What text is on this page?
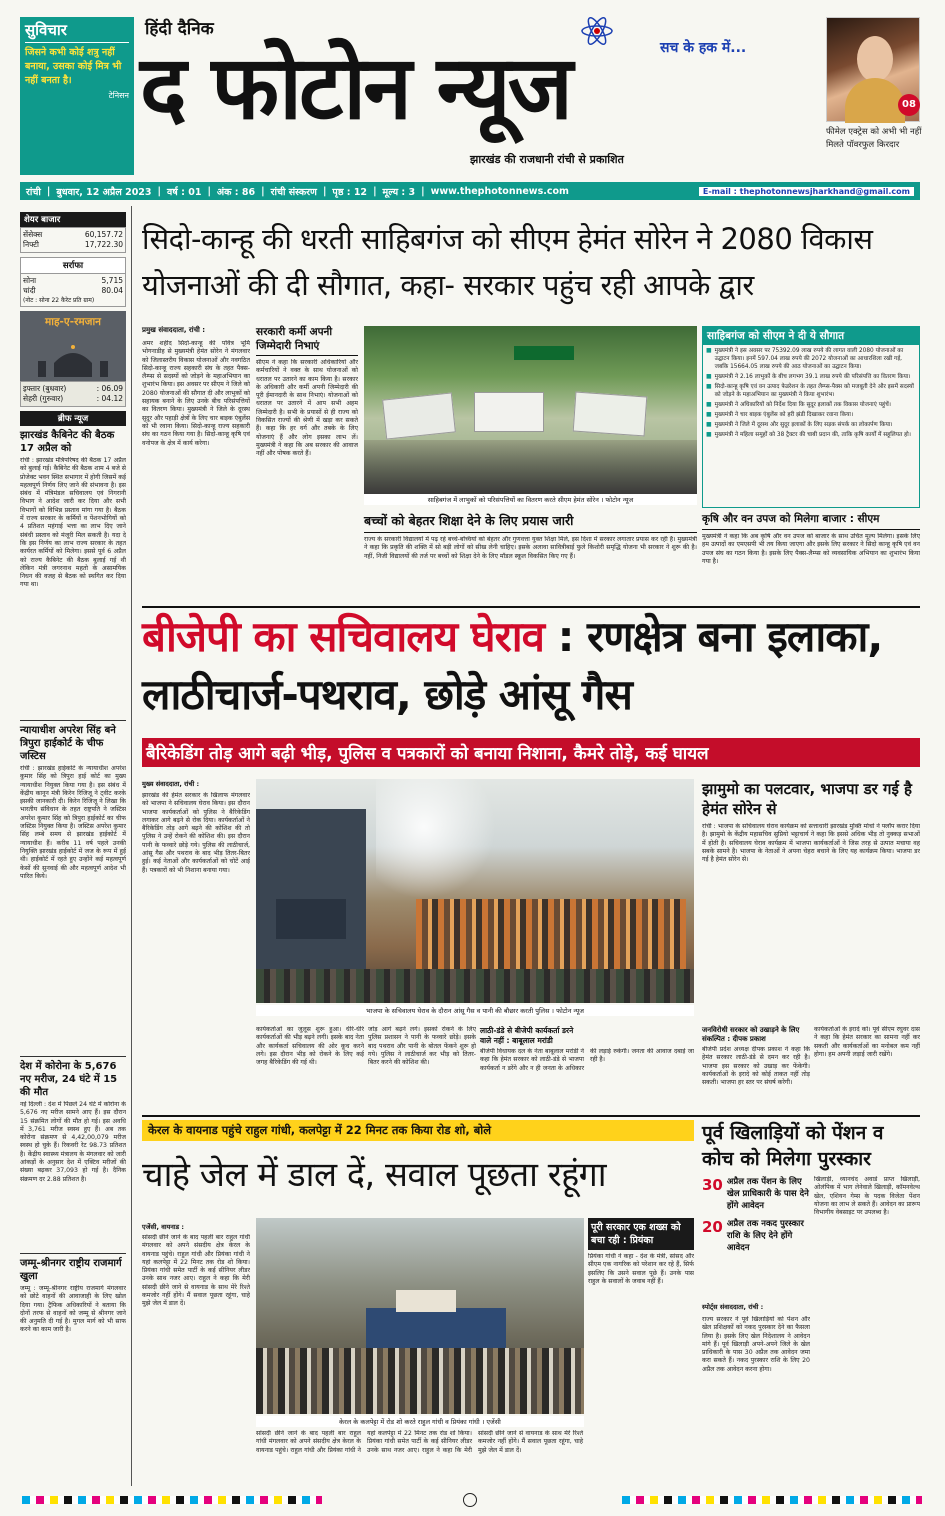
सुविचार
जिसने कभी कोई शत्रु नहीं बनाया, उसका कोई मित्र भी नहीं बनता है।
टेनिसन
हिंदी दैनिक
द फोटोन न्यूज	सच के हक में...
झारखंड की राजधानी रांची से प्रकाशित
08
फीमेल एक्ट्रेस को अभी भी नहीं मिलते पॉवरफुल किरदार
रांची | बुधवार, 12 अप्रैल 2023 | वर्ष : 01 | अंक : 86 | रांची संस्करण | पृष्ठ : 12 | मूल्य : 3 | www.thephotonnews.com	E-mail : thephotonnewsjharkhand@gmail.com
शेयर बाजार
सेंसेक्स	60,157.72
निफ्टी	17,722.30
सर्राफा
सोना	5,715
चांदी	80.04
(नोट : सोना 22 कैरेट प्रति ग्राम)
माह-ए-रमजान
इफ्तार (बुधवार)	: 06.09
सेहरी (गुरुवार)	: 04.12
ब्रीफ न्यूज
झारखंड कैबिनेट की बैठक 17 अप्रैल को
रांची : झारखंड मंत्रिपरिषद की बैठक 17 अप्रैल को बुलाई गई। कैबिनेट की बैठक शाम 4 बजे से प्रोजेक्ट भवन स्थित सभागार में होगी जिसमें कई महत्वपूर्ण निर्णय लिए जाने की संभावना है। इस संबंध में मंत्रिमंडल सचिवालय एवं निगरानी विभाग ने आदेश जारी कर दिया और सभी विभागों को विभिन्न प्रस्ताव मांगा गया है। बैठक में राज्य सरकार के कर्मियों व पेंशनभोगियों को 4 प्रतिशत महंगाई भत्ता का लाभ दिए जाने संबंधी प्रस्ताव को मंजूरी मिल सकती है। यदा दे कि इस निर्णय का लाभ राज्य सरकार के तहत कार्यरत कर्मियों को मिलेगा। इससे पूर्व 6 अप्रैल को राज्य कैबिनेट की बैठक बुलाई गई थी लेकिन मंत्री जगरनाथ महतो के असामयिक निधन की वजह से बैठक को स्थगित कर दिया गया था।
न्यायाधीश अपरेश सिंह बने त्रिपुरा हाईकोर्ट के चीफ जस्टिस
रांची : झारखंड हाईकोर्ट के न्यायाधीश अपरेश कुमार सिंह को त्रिपुरा हाई कोर्ट का मुख्य न्यायाधीश नियुक्त किया गया है। इस संबंध में केंद्रीय कानून मंत्री किरेन रिजिजू ने ट्वीट करके इसकी जानकारी दी। किरेन रिजिजू ने लिखा कि भारतीय संविधान के तहत राष्ट्रपति ने जस्टिस अपरेश कुमार सिंह को त्रिपुरा हाईकोर्ट का चीफ जस्टिस नियुक्त किया है। जस्टिस अपरेश कुमार सिंह लम्बे समय से झारखंड हाईकोर्ट में न्यायाधीश हैं। करीब 11 वर्ष पहले उनकी नियुक्ति झारखंड हाईकोर्ट में जज के रूप में हुई थी। हाईकोर्ट में रहते हुए उन्होंने कई महत्वपूर्ण केसों की सुनवाई की और महत्वपूर्ण आदेश भी पारित किये।
देश में कोरोना के 5,676 नए मरीज, 24 घंटे में 15 की मौत
नई दिल्ली : देश में पिछले 24 घंटे में कोरोना के 5,676 नए मरीज सामने आए हैं। इस दौरान 15 संक्रमित लोगों की मौत हो गई। इस अवधि में 3,761 मरीज स्वस्थ हुए हैं। अब तक कोरोना संक्रमण से 4,42,00,079 मरीज स्वस्थ हो चुके हैं। रिकवरी रेट 98.73 प्रतिशत है। केंद्रीय स्वास्थ्य मंत्रालय के मंगलवार को जारी आंकड़ों के अनुसार देश में एक्टिव मरीजों की संख्या बढ़कर 37,093 हो गई है। दैनिक संक्रमण दर 2.88 प्रतिशत है।
जम्मू-श्रीनगर राष्ट्रीय राजमार्ग खुला
जम्मू : जम्मू-श्रीनगर राष्ट्रीय राजमार्ग मंगलवार को छोटे वाहनों की आवाजाही के लिए खोल दिया गया। ट्रैफिक अधिकारियों ने बताया कि दोनों तरफ से वाहनों को जम्मू से श्रीनगर जाने की अनुमति दी गई है। मुगल मार्ग को भी साफ करने का काम जारी है।
सिदो-कान्हू की धरती साहिबगंज को सीएम हेमंत सोरेन ने 2080 विकास योजनाओं की दी सौगात, कहा- सरकार पहुंच रही आपके द्वार
प्रमुख संवाददाता, रांची :
अमर शहीद सिदो-कान्हू की पवित्र भूमि भोगनाडीह से मुख्यमंत्री हेमंत सोरेन ने मंगलवार को जिलास्तरीय विकास योजनाओं और नवगठित सिदो-कान्हू राज्य सहकारी संघ के तहत पैक्स-लैम्प्स से सदस्यों को जोड़ने के महाअभियान का शुभारंभ किया। इस अवसर पर सीएम ने जिले को 2080 योजनाओं की सौगात दी और लाभुकों को सहायक बनाने के लिए उनके बीच परिसंपत्तियों का वितरण किया। मुख्यमंत्री ने जिले के दूरस्थ सुदूर और पहाड़ी क्षेत्रों के लिए चार बाइक एंबुलेंस को भी रवाना किया। सिदो-कान्हू राज्य सहकारी संघ का गठन किया गया है। सिदो-कान्हू कृषि एवं वनोपज के क्षेत्र में कार्य करेगा।
सरकारी कर्मी अपनी जिम्मेदारी निभाएं
सीएम ने कहा कि सरकारी अधिकारियों और कर्मचारियों ने वक्त के साथ योजनाओं को धरातल पर उतारने का काम किया है। सरकार के अधिकारी और कर्मी अपनी जिम्मेदारी की पूरी ईमानदारी के साथ निभाएं। योजनाओं को धरातल पर उतारने में आप सभी अहम जिम्मेदारी है। सभी के प्रयासों से ही राज्य को विकसित राज्यों की श्रेणी में खड़ा कर सकते हैं। कहा कि हर वर्ग और तबके के लिए योजनाएं हैं और लोग इसका लाभ लें। मुख्यमंत्री ने कहा कि अब सरकार की आवाज नहीं और पोषक करते हैं।
साहिबगंज में लाभुकों को परिसंपत्तियों का वितरण करते सीएम हेमंत सोरेन । फोटोन न्यूज
साहिबगंज को सीएम ने दी ये सौगात
■ मुख्यमंत्री ने इस अवसर पर 75392.09 लाख रुपये की लागत वाली 2080 योजनाओं का उद्घाटन किया। इनमें 597.04 लाख रुपये की 2072 योजनाओं का आधारशिला रखी गई, जबकि 15664.05 लाख रुपये की आठ योजनाओं का उद्घाटन किया।
■ मुख्यमंत्री ने 2.16 लाभुकों के बीच लगभग 39.1 लाख रुपये की परिसंपत्ति का वितरण किया।
■ सिदो-कान्हू कृषि एवं वन उत्पाद फेडरेशन के तहत लैम्प्स-पैक्स को मजबूती देने और इसमें सदस्यों को जोड़ने के महाअभियान का मुख्यमंत्री ने किया शुभारंभ।
■ मुख्यमंत्री ने अधिकारियों को निर्देश दिया कि सुदूर इलाकों तक विकास योजनाएं पहुंचें।
■ मुख्यमंत्री ने चार बाइक एंबुलेंस को हरी झंडी दिखाकर रवाना किया।
■ मुख्यमंत्री ने जिले में दूरस्थ और सुदूर इलाकों के लिए सड़क संपर्क का लोकार्पण किया।
■ मुख्यमंत्री ने महिला समूहों को 38 ट्रैक्टर की चाबी प्रदान की, ताकि कृषि कार्यों में सहूलियत हो।
बच्चों को बेहतर शिक्षा देने के लिए प्रयास जारी
राज्य के सरकारी विद्यालयों में पढ़ रहे बच्चे-बच्चियों को बेहतर और गुणवत्ता युक्त शिक्षा मिले, इस दिशा में सरकार लगातार प्रयास कर रही है। मुख्यमंत्री ने कहा कि प्रकृति की शक्ति में सो बड़ी लोगों को सीख लेनी चाहिए। इसके अलावा सावित्रीबाई फुले किशोरी समृद्धि योजना भी सरकार ने शुरू की है। नहीं, निजी विद्यालयों की तर्ज पर बच्चों को शिक्षा देने के लिए मॉडल स्कूल विकसित किए गए हैं।
कृषि और वन उपज को मिलेगा बाजार : सीएम
मुख्यमंत्री ने कहा कि अब कृषि और वन उपज को बाजार के साथ उचित मूल्य मिलेगा। इसके लिए हम उत्पादों का एमएसपी भी तय किया जाएगा और इसके लिए सरकार ने सिदो कान्हू कृषि एवं वन उपज संघ का गठन किया है। इसके लिए पैक्स-लैम्प्स को व्यवसायिक अभियान का शुभारंभ किया गया है।
बीजेपी का सचिवालय घेराव : रणक्षेत्र बना इलाका, लाठीचार्ज-पथराव, छोड़े आंसू गैस
बैरिकेडिंग तोड़ आगे बढ़ी भीड़, पुलिस व पत्रकारों को बनाया निशाना, कैमरे तोड़े, कई घायल
मुख्य संवाददाता, रांची :
झारखंड की हेमंत सरकार के खिलाफ मंगलवार को भाजपा ने सचिवालय घेराव किया। इस दौरान भाजपा कार्यकर्ताओं को पुलिस ने बैरिकेडिंग लगाकर आगे बढ़ने से रोक दिया। कार्यकर्ताओं ने बैरिकेडिंग तोड़ आगे बढ़ने की कोशिश की तो पुलिस ने उन्हें रोकने की कोशिश की। इस दौरान पानी के फव्वारे छोड़े गये। पुलिस की लाठीचार्ज, आंसू गैस और पथराव के बाद भीड़ तितर-बितर हुई। कई नेताओं और कार्यकर्ताओं को चोटें आई हैं। पत्रकारों को भी निशाना बनाया गया।
भाजपा के सचिवालय घेराव के दौरान आंसू गैस व पानी की बौछार करती पुलिस । फोटोन न्यूज
कार्यकर्ताओं का जुलूस शुरू हुआ। धीरे-धीरे कार्यकर्ताओं की भीड़ बढ़ने लगी। इसके बाद नेता और कार्यकर्ता सचिवालय की ओर कूच करने लगे। इस दौरान भीड़ को रोकने के लिए कई जगह बैरिकेडिंग की गई थी।
जोड़ आगे बढ़ने लगे। इसको रोकने के लिए पुलिस प्रशासन ने पानी के फव्वारे छोड़े। इसके बाद पथराव और पानी के बोतल फेंकने शुरू हो गये। पुलिस ने लाठीचार्ज कर भीड़ को तितर-बितर करने की कोशिश की।
लाठी-डंडे से बीजेपी कार्यकर्ता डरने वाले नहीं : बाबूलाल मरांडी
बीजेपी विधायक दल के नेता बाबूलाल मरांडी ने कहा कि हेमंत सरकार को लाठी-डंडे से भाजपा कार्यकर्ता न डरेंगे और न ही जनता के अधिकार की लड़ाई रुकेगी। जनता की आवाज दबाई जा रही है।
झामुमो का पलटवार, भाजपा डर गई है हेमंत सोरेन से
रांची : भाजपा के सचिवालय घेराव कार्यक्रम को सत्ताधारी झारखंड मुक्ति मोर्चा ने फ्लॉप करार दिया है। झामुमो के केंद्रीय महासचिव सुप्रियो भट्टाचार्य ने कहा कि इससे अधिक भीड़ तो नुक्कड़ सभाओं में होती है। सचिवालय घेराव कार्यक्रम में भाजपा कार्यकर्ताओं ने जिस तरह से उत्पात मचाया वह सबके सामने है। भाजपा के नेताओं ने अपना चेहरा बचाने के लिए यह कार्यक्रम किया। भाजपा डर गई है हेमंत सोरेन से।
जनविरोधी सरकार को उखाड़ने के लिए संकल्पित : दीपक प्रकाश
बीजेपी प्रदेश अध्यक्ष दीपक प्रकाश ने कहा कि हेमंत सरकार लाठी-डंडे से दमन कर रही है। भाजपा इस सरकार को उखाड़ कर फेंकेगी। कार्यकर्ताओं के इरादे को कोई ताकत नहीं तोड़ सकती। भाजपा हर स्तर पर संघर्ष करेगी।
कार्यकर्ताओं के इरादे को। पूर्व सीएम रघुवर दास ने कहा कि हेमंत सरकार का सामना नहीं कर सकती और कार्यकर्ताओं का मनोबल कम नहीं होगा। हम अपनी लड़ाई जारी रखेंगे।
केरल के वायनाड पहुंचे राहुल गांधी, कलपेट्टा में 22 मिनट तक किया रोड शो, बोले
चाहे जेल में डाल दें, सवाल पूछता रहूंगा
एजेंसी, वायनाड :
केरल के कलपेट्टा में रोड शो करते राहुल गांधी व प्रियंका गांधी । एजेंसी
सांसदी छीने जाने के बाद पहली बार राहुल गांधी मंगलवार को अपने संसदीय क्षेत्र केरल के वायनाड पहुंचे। राहुल गांधी और प्रियंका गांधी ने यहां कलपेट्टा में 22 मिनट तक रोड शो किया। प्रियंका गांधी समेत पार्टी के कई सीनियर लीडर उनके साथ नजर आए। राहुल ने कहा कि मेरी सांसदी छीने जाने से वायनाड के साथ मेरे रिश्ते कमजोर नहीं होंगे। मैं सवाल पूछता रहूंगा, चाहे मुझे जेल में डाल दें।
पूरी सरकार एक शख्स को बचा रही : प्रियंका
प्रियंका गांधी ने कहा - देश के मंत्री, सांसद और सीएम एक नागरिक को परेशान कर रहे हैं, सिर्फ इसलिए कि उसने सवाल पूछे हैं। उनके पास राहुल के सवालों के जवाब नहीं हैं।
सांसदी छीने जाने के बाद पहली बार राहुल गांधी मंगलवार को अपने संसदीय क्षेत्र केरल के वायनाड पहुंचे। राहुल गांधी और प्रियंका गांधी ने यहां कलपेट्टा में 22 मिनट तक रोड शो किया। प्रियंका गांधी समेत पार्टी के कई सीनियर लीडर उनके साथ नजर आए। राहुल ने कहा कि मेरी सांसदी छीने जाने से वायनाड के साथ मेरे रिश्ते कमजोर नहीं होंगे। मैं सवाल पूछता रहूंगा, चाहे मुझे जेल में डाल दें।
पूर्व खिलाड़ियों को पेंशन व कोच को मिलेगा पुरस्कार
30 अप्रैल तक पेंशन के लिए खेल प्राधिकारी के पास देने होंगे आवेदन
20 अप्रैल तक नकद पुरस्कार राशि के लिए देने होंगे आवेदन
स्पोर्ट्स संवाददाता, रांची :
राज्य सरकार ने पूर्व खिलाड़ियों को पेंशन और खेल प्रशिक्षकों को नकद पुरस्कार देने का फैसला लिया है। इसके लिए खेल निदेशालय ने आवेदन मांगे हैं। पूर्व खिलाड़ी अपने-अपने जिले के खेल प्राधिकारी के पास 30 अप्रैल तक आवेदन जमा करा सकते हैं। नकद पुरस्कार राशि के लिए 20 अप्रैल तक आवेदन करना होगा।
खिलाड़ी, ध्यानचंद अवार्ड प्राप्त खिलाड़ी, ओलंपिक में भाग लेनेवाले खिलाड़ी, कॉमनवेल्थ खेल, एशियन गेम्स के पदक विजेता पेंशन योजना का लाभ ले सकते हैं। आवेदन का प्रारूप विभागीय वेबसाइट पर उपलब्ध है।
